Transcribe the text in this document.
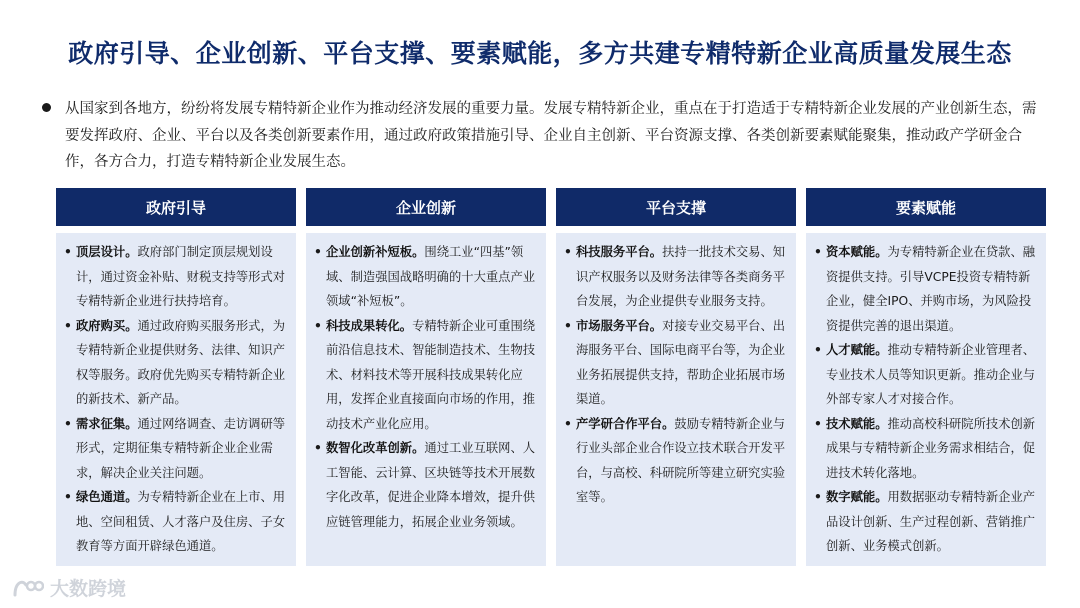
政府引导、企业创新、平台支撑、要素赋能，多方共建专精特新企业高质量发展生态
从国家到各地方，纷纷将发展专精特新企业作为推动经济发展的重要力量。发展专精特新企业，重点在于打造适于专精特新企业发展的产业创新生态，需要发挥政府、企业、平台以及各类创新要素作用，通过政府政策措施引导、企业自主创新、平台资源支撑、各类创新要素赋能聚集，推动政产学研金合作，各方合力，打造专精特新企业发展生态。
政府引导
• 顶层设计。政府部门制定顶层规划设计，通过资金补贴、财税支持等形式对专精特新企业进行扶持培育。
• 政府购买。通过政府购买服务形式，为专精特新企业提供财务、法律、知识产权等服务。政府优先购买专精特新企业的新技术、新产品。
• 需求征集。通过网络调查、走访调研等形式，定期征集专精特新企业企业需求，解决企业关注问题。
• 绿色通道。为专精特新企业在上市、用地、空间租赁、人才落户及住房、子女教育等方面开辟绿色通道。
企业创新
• 企业创新补短板。围绕工业“四基”领域、制造强国战略明确的十大重点产业领域“补短板”。
• 科技成果转化。专精特新企业可重围绕前沿信息技术、智能制造技术、生物技术、材料技术等开展科技成果转化应用，发挥企业直接面向市场的作用，推动技术产业化应用。
• 数智化改革创新。通过工业互联网、人工智能、云计算、区块链等技术开展数字化改革，促进企业降本增效，提升供应链管理能力，拓展企业业务领域。
平台支撑
• 科技服务平台。扶持一批技术交易、知识产权服务以及财务法律等各类商务平台发展，为企业提供专业服务支持。
• 市场服务平台。对接专业交易平台、出海服务平台、国际电商平台等，为企业业务拓展提供支持，帮助企业拓展市场渠道。
• 产学研合作平台。鼓励专精特新企业与行业头部企业合作设立技术联合开发平台，与高校、科研院所等建立研究实验室等。
要素赋能
• 资本赋能。为专精特新企业在贷款、融资提供支持。引导VCPE投资专精特新企业，健全IPO、并购市场，为风险投资提供完善的退出渠道。
• 人才赋能。推动专精特新企业管理者、专业技术人员等知识更新。推动企业与外部专家人才对接合作。
• 技术赋能。推动高校科研院所技术创新成果与专精特新企业务需求相结合，促进技术转化落地。
• 数字赋能。用数据驱动专精特新企业产品设计创新、生产过程创新、营销推广创新、业务模式创新。
大数跨境
